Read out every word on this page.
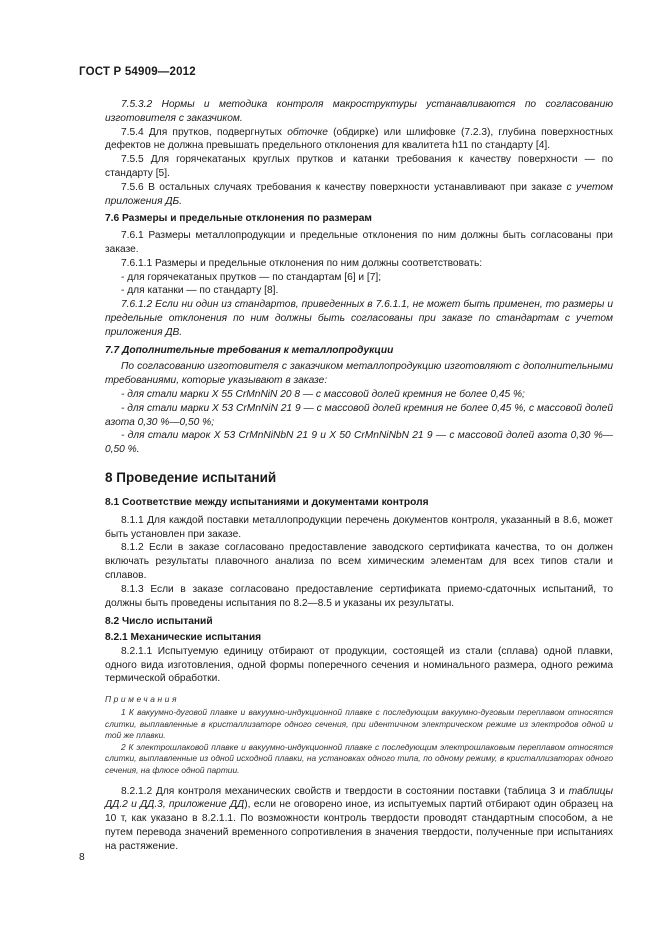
ГОСТ Р 54909—2012
7.5.3.2 Нормы и методика контроля макроструктуры устанавливаются по согласованию изготовителя с заказчиком.
7.5.4 Для прутков, подвергнутых обточке (обдирке) или шлифовке (7.2.3), глубина поверхностных дефектов не должна превышать предельного отклонения для квалитета h11 по стандарту [4].
7.5.5 Для горячекатаных круглых прутков и катанки требования к качеству поверхности — по стандарту [5].
7.5.6 В остальных случаях требования к качеству поверхности устанавливают при заказе с учетом приложения ДБ.
7.6 Размеры и предельные отклонения по размерам
7.6.1 Размеры металлопродукции и предельные отклонения по ним должны быть согласованы при заказе.
7.6.1.1 Размеры и предельные отклонения по ним должны соответствовать:
- для горячекатаных прутков — по стандартам [6] и [7];
- для катанки — по стандарту [8].
7.6.1.2 Если ни один из стандартов, приведенных в 7.6.1.1, не может быть применен, то размеры и предельные отклонения по ним должны быть согласованы при заказе по стандартам с учетом приложения ДВ.
7.7 Дополнительные требования к металлопродукции
По согласованию изготовителя с заказчиком металлопродукцию изготовляют с дополнительными требованиями, которые указывают в заказе:
- для стали марки X 55 CrMnNiN 20 8 — с массовой долей кремния не более 0,45 %;
- для стали марки X 53 CrMnNiN 21 9 — с массовой долей кремния не более 0,45 %, с массовой долей азота 0,30 %—0,50 %;
- для стали марок X 53 CrMnNiNbN 21 9 и X 50 CrMnNiNbN 21 9 — с массовой долей азота 0,30 %—0,50 %.
8 Проведение испытаний
8.1 Соответствие между испытаниями и документами контроля
8.1.1 Для каждой поставки металлопродукции перечень документов контроля, указанный в 8.6, может быть установлен при заказе.
8.1.2 Если в заказе согласовано предоставление заводского сертификата качества, то он должен включать результаты плавочного анализа по всем химическим элементам для всех типов стали и сплавов.
8.1.3 Если в заказе согласовано предоставление сертификата приемо-сдаточных испытаний, то должны быть проведены испытания по 8.2—8.5 и указаны их результаты.
8.2 Число испытаний
8.2.1 Механические испытания
8.2.1.1 Испытуемую единицу отбирают от продукции, состоящей из стали (сплава) одной плавки, одного вида изготовления, одной формы поперечного сечения и номинального размера, одного режима термической обработки.
Примечания
1 К вакуумно-дуговой плавке и вакуумно-индукционной плавке с последующим вакуумно-дуговым переплавом относятся слитки, выплавленные в кристаллизаторе одного сечения, при идентичном электрическом режиме из электродов одной и той же плавки.
2 К электрошлаковой плавке и вакуумно-индукционной плавке с последующим электрошлаковым переплавом относятся слитки, выплавленные из одной исходной плавки, на установках одного типа, по одному режиму, в кристаллизаторах одного сечения, на флюсе одной партии.
8.2.1.2 Для контроля механических свойств и твердости в состоянии поставки (таблица 3 и таблицы ДД.2 и ДД.3, приложение ДД), если не оговорено иное, из испытуемых партий отбирают один образец на 10 т, как указано в 8.2.1.1. По возможности контроль твердости проводят стандартным способом, а не путем перевода значений временного сопротивления в значения твердости, полученные при испытаниях на растяжение.
8
